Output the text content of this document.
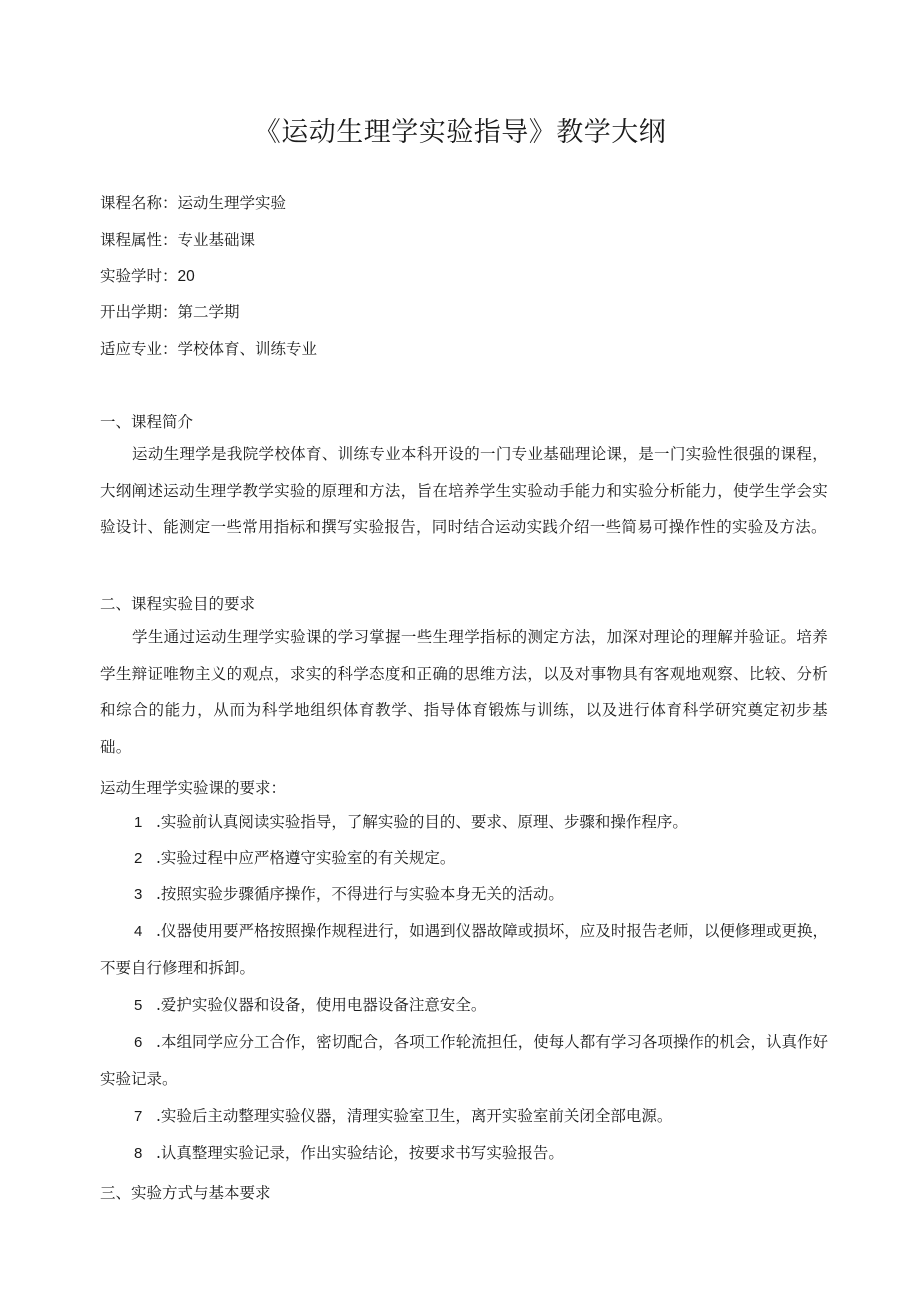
《运动生理学实验指导》教学大纲
课程名称：运动生理学实验
课程属性：专业基础课
实验学时：20
开出学期：第二学期
适应专业：学校体育、训练专业
一、课程简介

运动生理学是我院学校体育、训练专业本科开设的一门专业基础理论课，是一门实验性很强的课程，大纲阐述运动生理学教学实验的原理和方法，旨在培养学生实验动手能力和实验分析能力，使学生学会实验设计、能测定一些常用指标和撰写实验报告，同时结合运动实践介绍一些简易可操作性的实验及方法。

二、课程实验目的要求

学生通过运动生理学实验课的学习掌握一些生理学指标的测定方法，加深对理论的理解并验证。培养学生辩证唯物主义的观点，求实的科学态度和正确的思维方法，以及对事物具有客观地观察、比较、分析和综合的能力，从而为科学地组织体育教学、指导体育锻炼与训练，以及进行体育科学研究奠定初步基础。

运动生理学实验课的要求：

1 .实验前认真阅读实验指导，了解实验的目的、要求、原理、步骤和操作程序。

2 .实验过程中应严格遵守实验室的有关规定。

3 .按照实验步骤循序操作，不得进行与实验本身无关的活动。

4 .仪器使用要严格按照操作规程进行，如遇到仪器故障或损坏，应及时报告老师，以便修理或更换，不要自行修理和拆卸。

5 .爱护实验仪器和设备，使用电器设备注意安全。

6 .本组同学应分工合作，密切配合，各项工作轮流担任，使每人都有学习各项操作的机会，认真作好实验记录。

7 .实验后主动整理实验仪器，清理实验室卫生，离开实验室前关闭全部电源。

8 .认真整理实验记录，作出实验结论，按要求书写实验报告。

三、实验方式与基本要求
